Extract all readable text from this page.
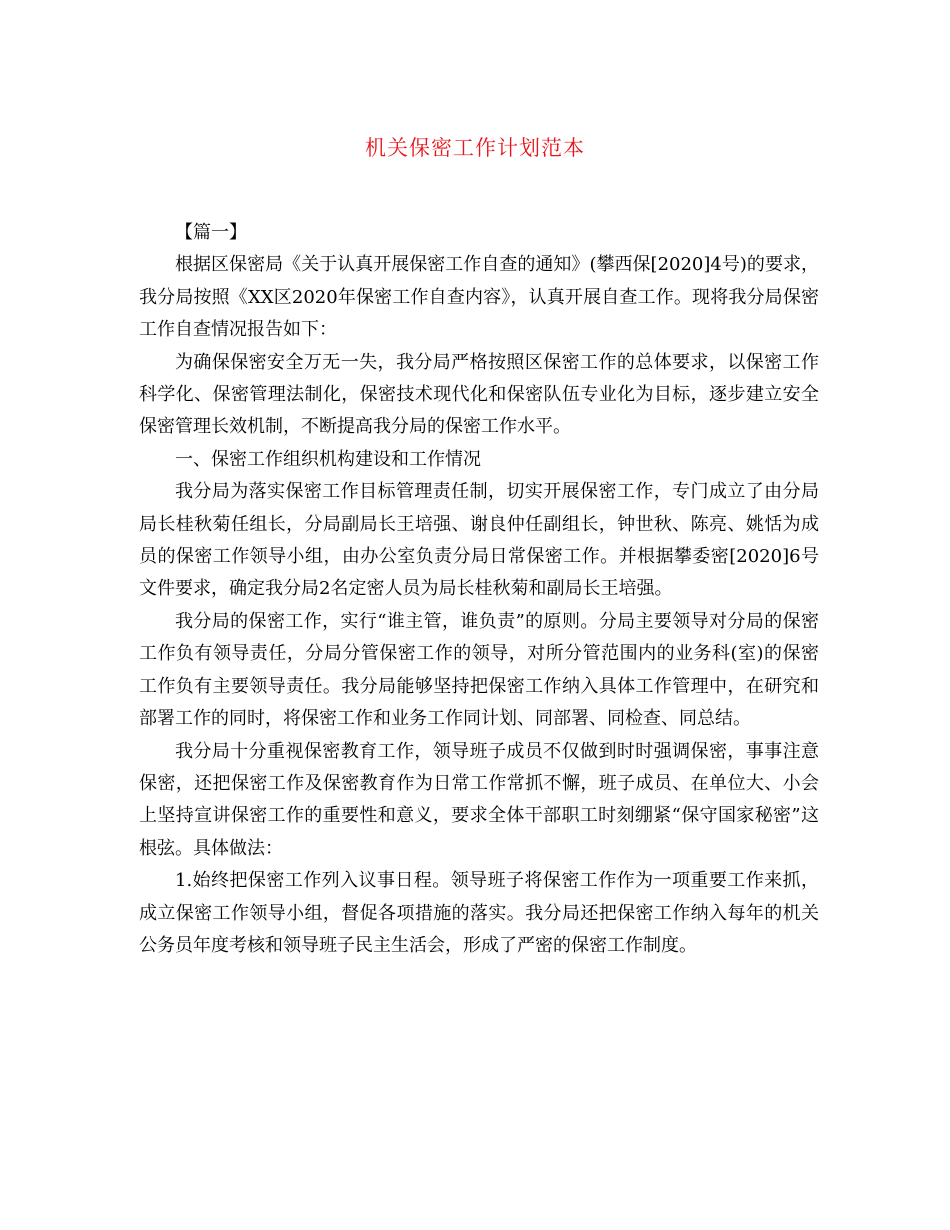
机关保密工作计划范本

【篇一】

根据区保密局《关于认真开展保密工作自查的通知》(攀西保[2020]4号)的要求，我分局按照《XX区2020年保密工作自查内容》，认真开展自查工作。现将我分局保密工作自查情况报告如下：

为确保保密安全万无一失，我分局严格按照区保密工作的总体要求，以保密工作科学化、保密管理法制化，保密技术现代化和保密队伍专业化为目标，逐步建立安全保密管理长效机制，不断提高我分局的保密工作水平。

一、保密工作组织机构建设和工作情况

我分局为落实保密工作目标管理责任制，切实开展保密工作，专门成立了由分局局长桂秋菊任组长，分局副局长王培强、谢良仲任副组长，钟世秋、陈亮、姚恬为成员的保密工作领导小组，由办公室负责分局日常保密工作。并根据攀委密[2020]6号文件要求，确定我分局2名定密人员为局长桂秋菊和副局长王培强。

我分局的保密工作，实行“谁主管，谁负责”的原则。分局主要领导对分局的保密工作负有领导责任，分局分管保密工作的领导，对所分管范围内的业务科(室)的保密工作负有主要领导责任。我分局能够坚持把保密工作纳入具体工作管理中，在研究和部署工作的同时，将保密工作和业务工作同计划、同部署、同检查、同总结。

我分局十分重视保密教育工作，领导班子成员不仅做到时时强调保密，事事注意保密，还把保密工作及保密教育作为日常工作常抓不懈，班子成员、在单位大、小会上坚持宣讲保密工作的重要性和意义，要求全体干部职工时刻绷紧“保守国家秘密”这根弦。具体做法：

1.始终把保密工作列入议事日程。领导班子将保密工作作为一项重要工作来抓，成立保密工作领导小组，督促各项措施的落实。我分局还把保密工作纳入每年的机关公务员年度考核和领导班子民主生活会，形成了严密的保密工作制度。
